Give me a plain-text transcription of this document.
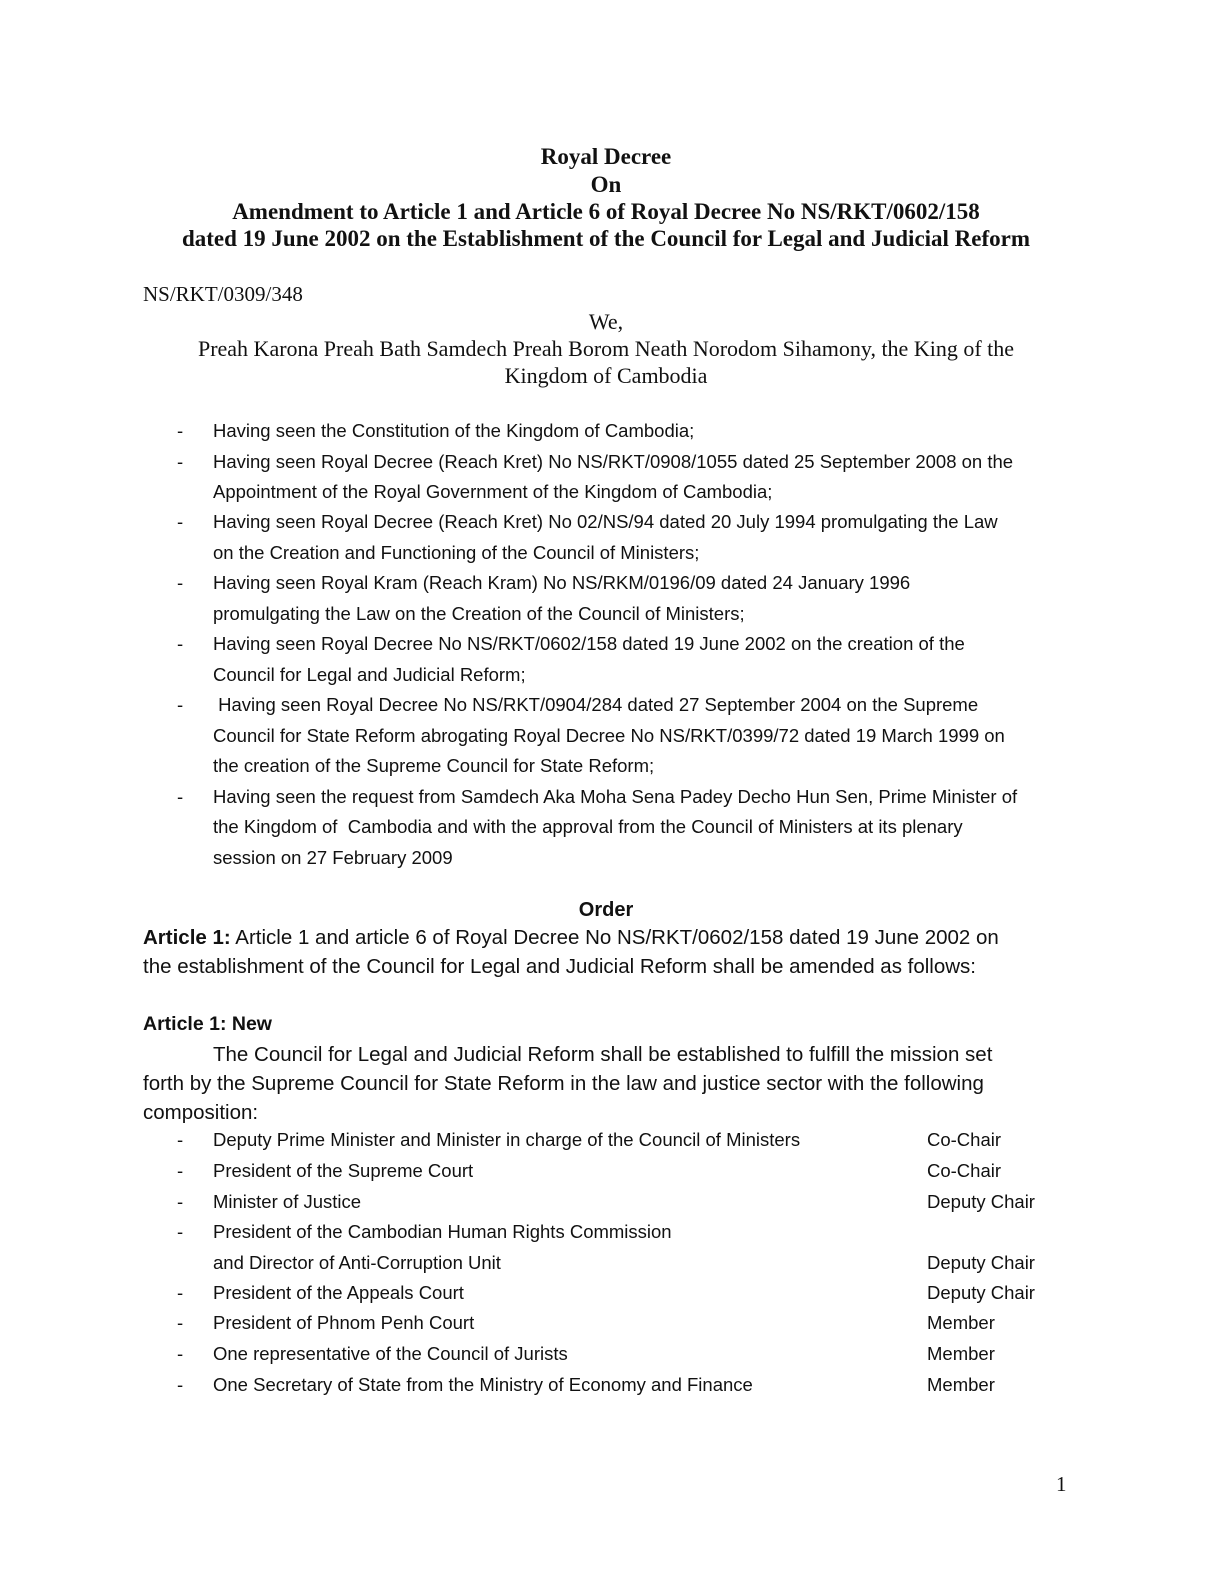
Royal Decree
On
Amendment to Article 1 and Article 6 of Royal Decree No NS/RKT/0602/158
dated 19 June 2002 on the Establishment of the Council for Legal and Judicial Reform
NS/RKT/0309/348
We,
Preah Karona Preah Bath Samdech Preah Borom Neath Norodom Sihamony, the King of the
Kingdom of Cambodia
-	Having seen the Constitution of the Kingdom of Cambodia;
-	Having seen Royal Decree (Reach Kret) No NS/RKT/0908/1055 dated 25 September 2008 on the
Appointment of the Royal Government of the Kingdom of Cambodia;
-	Having seen Royal Decree (Reach Kret) No 02/NS/94 dated 20 July 1994 promulgating the Law
on the Creation and Functioning of the Council of Ministers;
-	Having seen Royal Kram (Reach Kram) No NS/RKM/0196/09 dated 24 January 1996
promulgating the Law on the Creation of the Council of Ministers;
-	Having seen Royal Decree No NS/RKT/0602/158 dated 19 June 2002 on the creation of the
Council for Legal and Judicial Reform;
-	Having seen Royal Decree No NS/RKT/0904/284 dated 27 September 2004 on the Supreme
Council for State Reform abrogating Royal Decree No NS/RKT/0399/72 dated 19 March 1999 on
the creation of the Supreme Council for State Reform;
-	Having seen the request from Samdech Aka Moha Sena Padey Decho Hun Sen, Prime Minister of
the Kingdom of  Cambodia and with the approval from the Council of Ministers at its plenary
session on 27 February 2009
Order
Article 1: Article 1 and article 6 of Royal Decree No NS/RKT/0602/158 dated 19 June 2002 on
the establishment of the Council for Legal and Judicial Reform shall be amended as follows:
Article 1: New
The Council for Legal and Judicial Reform shall be established to fulfill the mission set
forth by the Supreme Council for State Reform in the law and justice sector with the following
composition:
- Deputy Prime Minister and Minister in charge of the Council of Ministers	Co-Chair
- President of the Supreme Court	Co-Chair
- Minister of Justice	Deputy Chair
- President of the Cambodian Human Rights Commission
and Director of Anti-Corruption Unit	Deputy Chair
- President of the Appeals Court	Deputy Chair
- President of Phnom Penh Court	Member
- One representative of the Council of Jurists	Member
- One Secretary of State from the Ministry of Economy and Finance	Member
1
